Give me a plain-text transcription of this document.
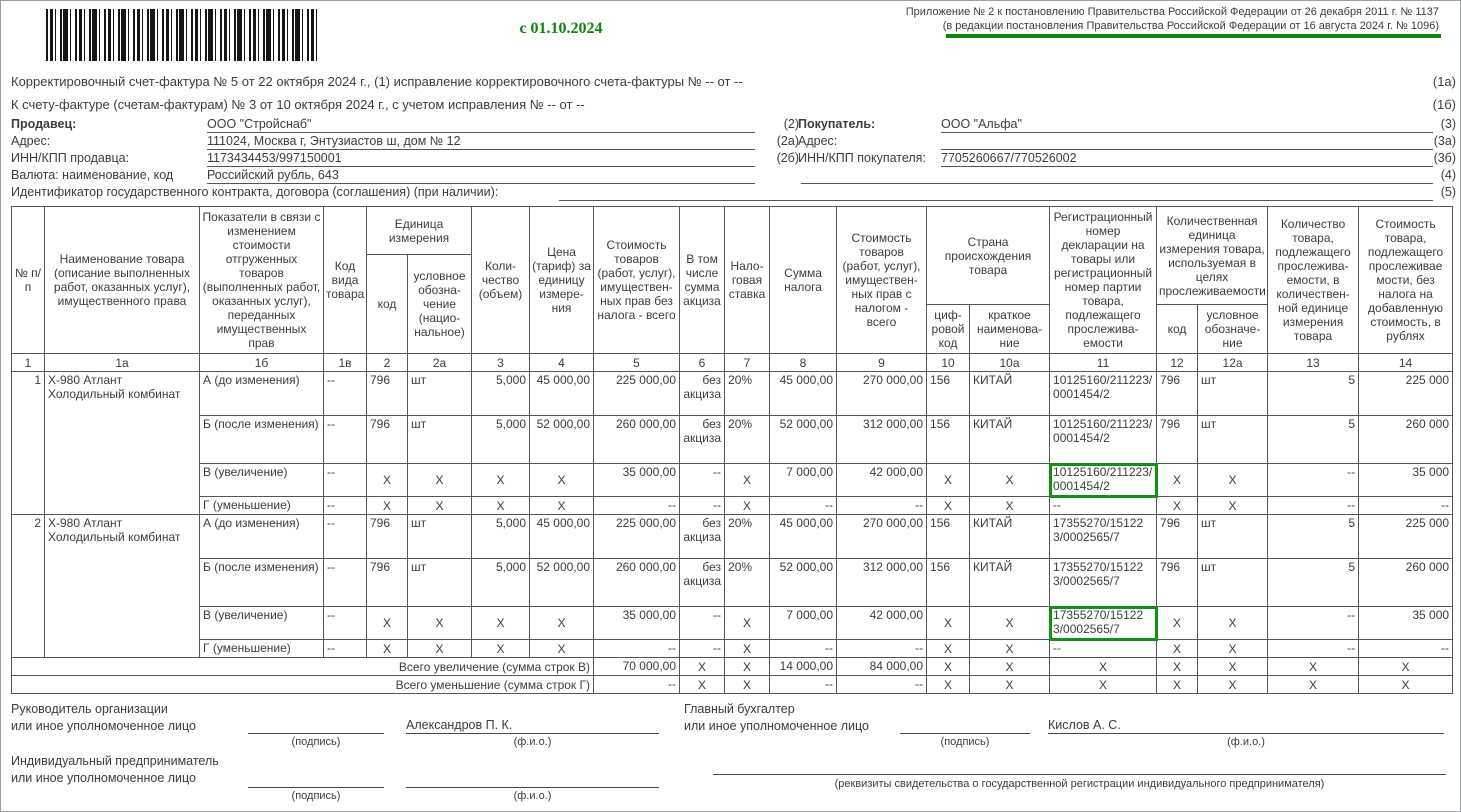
Приложение № 2 к постановлению Правительства Российской Федерации от 26 декабря 2011 г. № 1137
(в редакции постановления Правительства Российской Федерации от 16 августа 2024 г. № 1096)
с 01.10.2024
Корректировочный счет-фактура № 5 от 22 октября 2024 г., (1) исправление корректировочного счета-фактуры № -- от --	(1а)
К счету-фактуре (счетам-фактурам) № 3 от 10 октября 2024 г., с учетом исправления № -- от --	(1б)
Продавец:	ООО "Стройснаб"	(2) Покупатель:	ООО "Альфа"	(3)
Адрес:	111024, Москва г, Энтузиастов ш, дом № 12	(2а) Адрес:	(3а)
ИНН/КПП продавца:	1173434453/997150001	(2б) ИНН/КПП покупателя: 7705260667/770526002	(3б)
Валюта: наименование, код	Российский рубль, 643	(4)
Идентификатор государственного контракта, договора (соглашения) (при наличии):	(5)
№ п/п	Наименование товара (описание выполненных работ, оказанных услуг), имущественного права	Показатели в связи с изменением стоимости отгруженных товаров (выполненных работ, оказанных услуг), переданных имущественных прав	Код вида товара	Единица измерения		Коли-чество (объем)	Цена (тариф) за единицу измере-ния	Стоимость товаров (работ, услуг), имуществен-ных прав без налога - всего	В том числе сумма акциза	Нало-говая ставка	Сумма налога	Стоимость товаров (работ, услуг), имуществен-ных прав с налогом - всего	Страна происхождения товара		Регистрационный номер декларации на товары или регистрационный номер партии товара, подлежащего прослежива-емости	Количественная единица измерения товара, используемая в целях прослеживаемости		Количество товара, подлежащего прослежива-емости, в количествен-ной единице измерения товара	Стоимость товара, подлежащего прослеживае мости, без налога на добавленную стоимость, в рублях
				код	условное обозна-чение (нацио-нальное)														
													циф-ровой код	краткое наименова-ние		код	условное обозначе-ние		
1	1а	1б	1в	2	2а	3	4	5	6	7	8	9	10	10а	11	12	12а	13	14
1	Х-980 Атлант Холодильный комбинат	А (до изменения)	--	796	шт	5,000	45 000,00	225 000,00	без акциза	20%	45 000,00	270 000,00	156	КИТАЙ	10125160/211223/0001454/2	796	шт	5	225 000
		Б (после изменения)	--	796	шт	5,000	52 000,00	260 000,00	без акциза	20%	52 000,00	312 000,00	156	КИТАЙ	10125160/211223/0001454/2	796	шт	5	260 000
		В (увеличение)	--	X	X	X	X	35 000,00	--	X	7 000,00	42 000,00	X	X	10125160/211223/0001454/2	X	X	--	35 000
		Г (уменьшение)	--	X	X	X	X	--	--	X	--	--	X	X	--	X	X	--	--
2	Х-980 Атлант Холодильный комбинат	А (до изменения)	--	796	шт	5,000	45 000,00	225 000,00	без акциза	20%	45 000,00	270 000,00	156	КИТАЙ	17355270/151223/0002565/7	796	шт	5	225 000
		Б (после изменения)	--	796	шт	5,000	52 000,00	260 000,00	без акциза	20%	52 000,00	312 000,00	156	КИТАЙ	17355270/151223/0002565/7	796	шт	5	260 000
		В (увеличение)	--	X	X	X	X	35 000,00	--	X	7 000,00	42 000,00	X	X	17355270/151223/0002565/7	X	X	--	35 000
		Г (уменьшение)	--	X	X	X	X	--	--	X	--	--	X	X	--	X	X	--	--
Всего увеличение (сумма строк В)								70 000,00	X	X	14 000,00	84 000,00	X	X	X	X	X	X	X
Всего уменьшение (сумма строк Г)								--	X	X	--	--	X	X	X	X	X	X	X
Руководитель организации
или иное уполномоченное лицо
(подпись)
Александров П. К.
(ф.и.о.)
Главный бухгалтер
или иное уполномоченное лицо
(подпись)
Кислов А. С.
(ф.и.о.)
Индивидуальный предприниматель
или иное уполномоченное лицо
(подпись)	(ф.и.о.)
(реквизиты свидетельства о государственной регистрации индивидуального предпринимателя)
